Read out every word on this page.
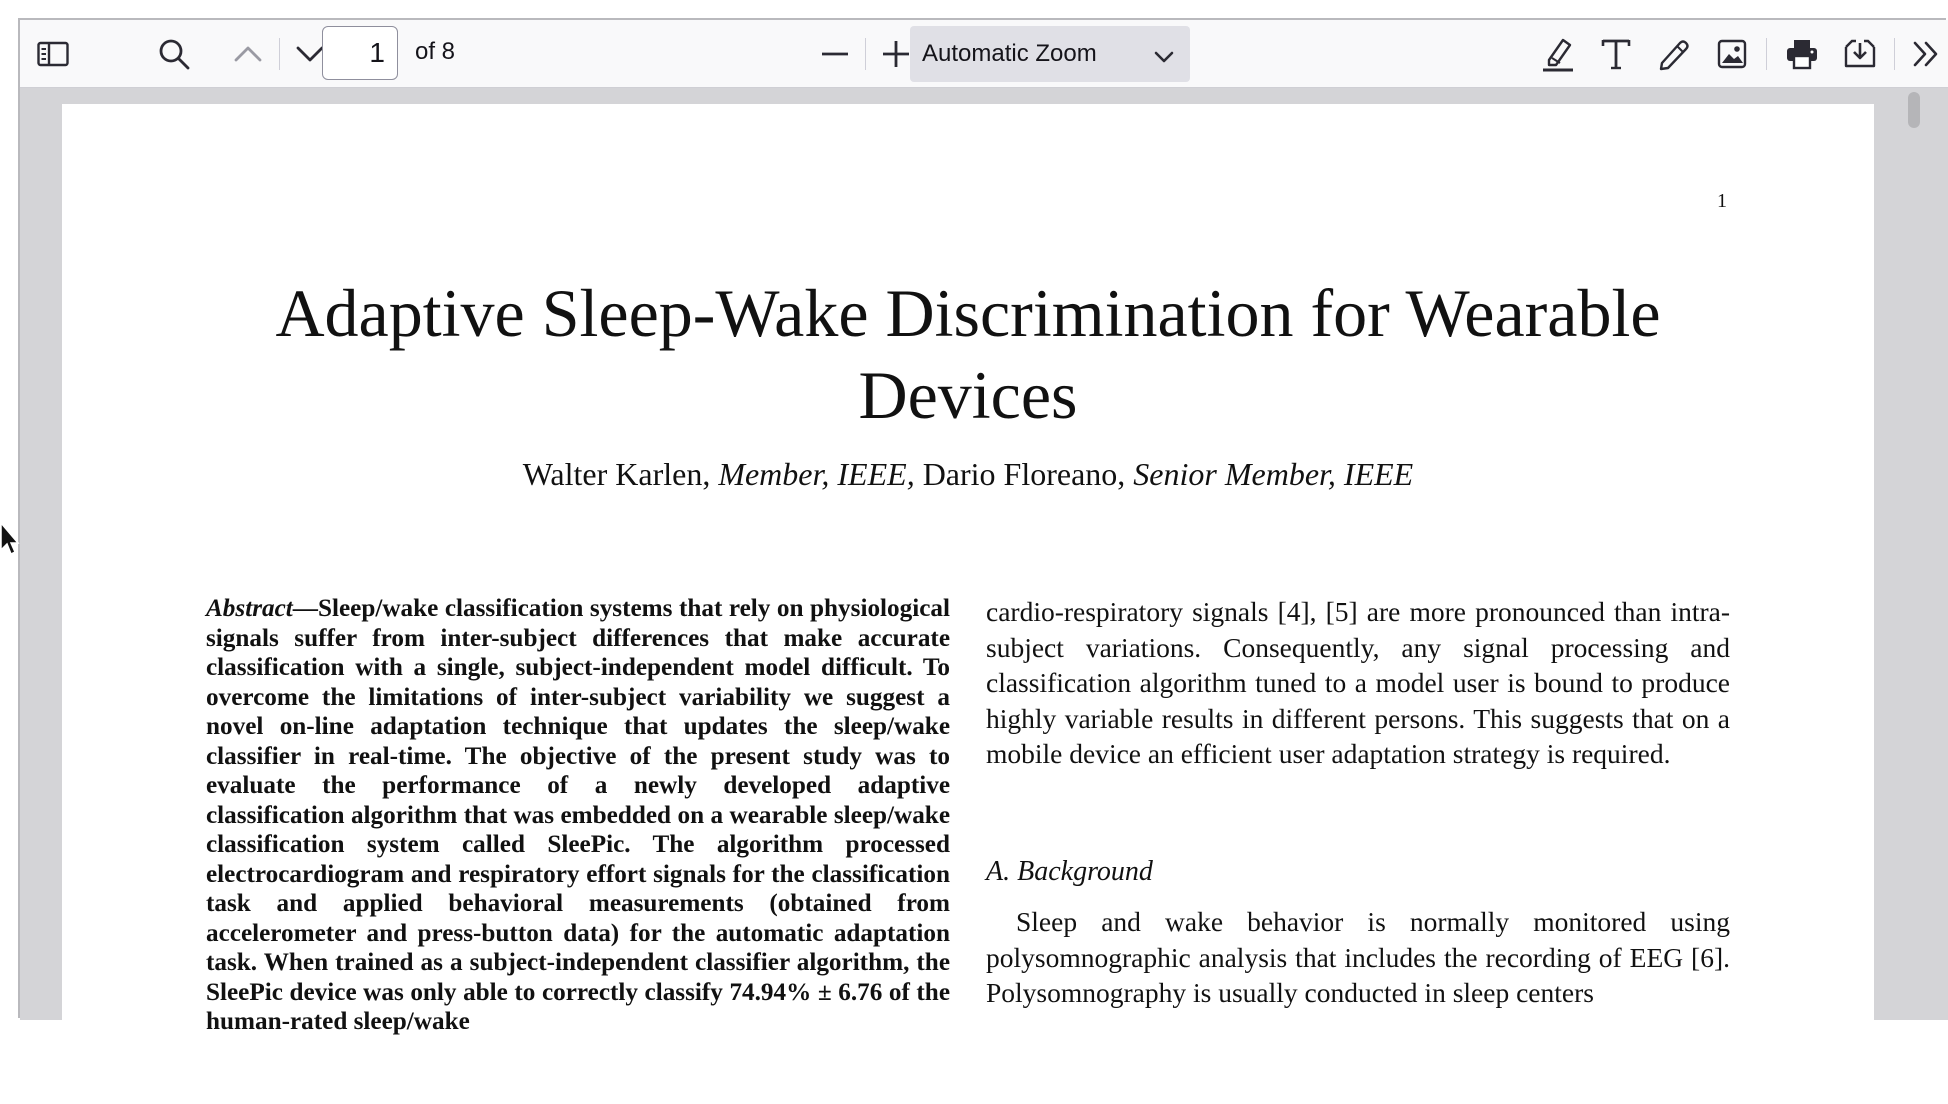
1
of 8	Automatic Zoom
1
Adaptive Sleep-Wake Discrimination for Wearable Devices
Walter Karlen, Member, IEEE, Dario Floreano, Senior Member, IEEE
Abstract—Sleep/wake classification systems that rely on physiological signals suffer from inter-subject differences that make accurate classification with a single, subject-independent model difficult. To overcome the limitations of inter-subject variability we suggest a novel on-line adaptation technique that updates the sleep/wake classifier in real-time. The objective of the present study was to evaluate the performance of a newly developed adaptive classification algorithm that was embedded on a wearable sleep/wake classification system called SleePic. The algorithm processed electrocardiogram and respiratory effort signals for the classification task and applied behavioral measurements (obtained from accelerometer and press-button data) for the automatic adaptation task. When trained as a subject-independent classifier algorithm, the SleePic device was only able to correctly classify 74.94% ± 6.76 of the human-rated sleep/wake
cardio-respiratory signals [4], [5] are more pronounced than intra-subject variations. Consequently, any signal processing and classification algorithm tuned to a model user is bound to produce highly variable results in different persons. This suggests that on a mobile device an efficient user adaptation strategy is required.
A. Background
Sleep and wake behavior is normally monitored using polysomnographic analysis that includes the recording of EEG [6]. Polysomnography is usually conducted in sleep centers
